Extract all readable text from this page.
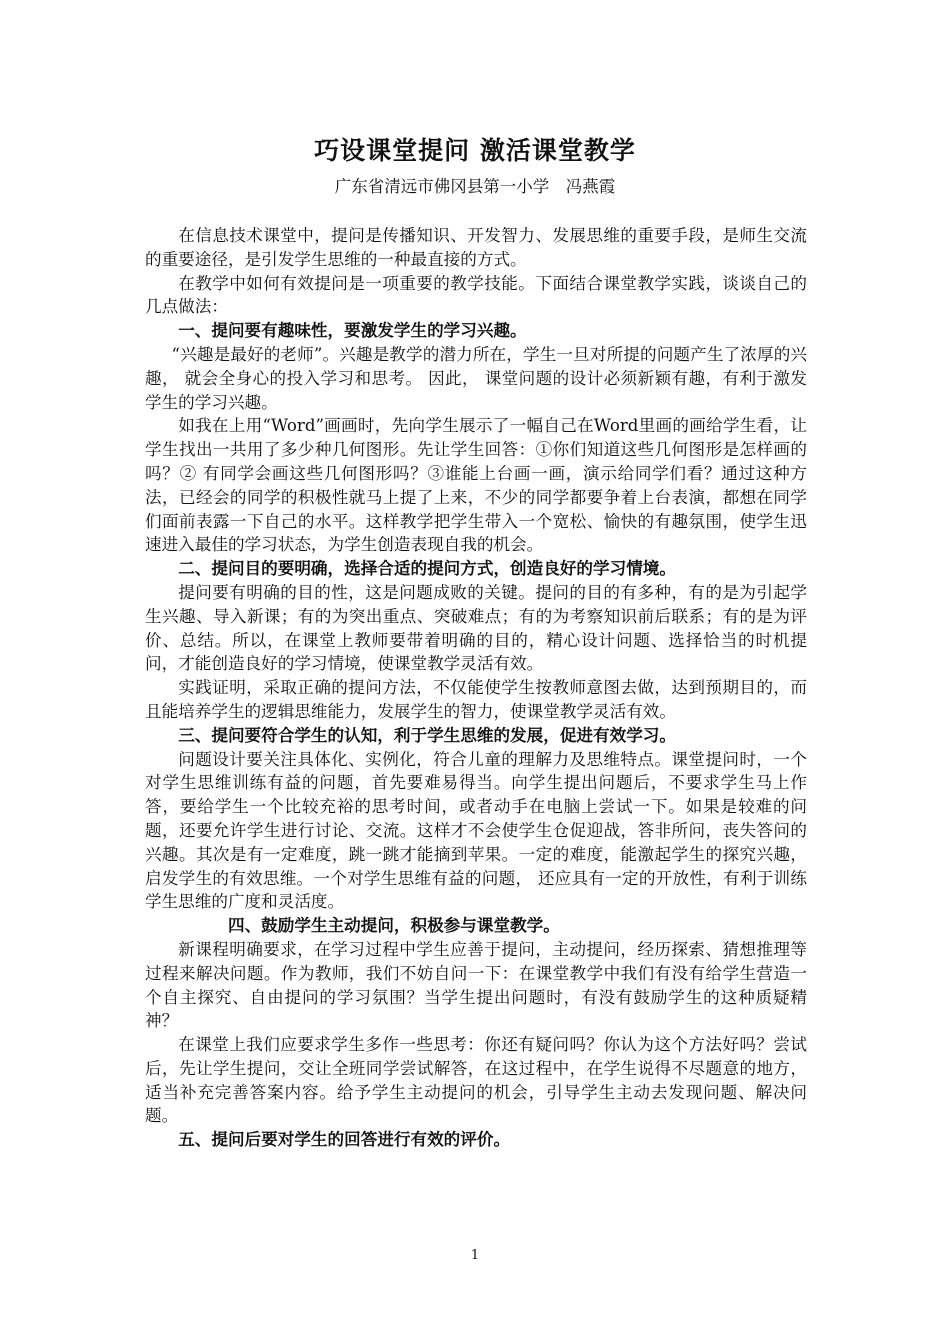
巧设课堂提问 激活课堂教学
广东省清远市佛冈县第一小学　冯燕霞

在信息技术课堂中，提问是传播知识、开发智力、发展思维的重要手段，是师生交流的重要途径，是引发学生思维的一种最直接的方式。

在教学中如何有效提问是一项重要的教学技能。下面结合课堂教学实践，谈谈自己的几点做法：

一、提问要有趣味性，要激发学生的学习兴趣。

“兴趣是最好的老师”。兴趣是教学的潜力所在，学生一旦对所提的问题产生了浓厚的兴趣， 就会全身心的投入学习和思考。 因此， 课堂问题的设计必须新颖有趣，有利于激发学生的学习兴趣。

如我在上用“Word”画画时，先向学生展示了一幅自己在Word里画的画给学生看，让学生找出一共用了多少种几何图形。先让学生回答：①你们知道这些几何图形是怎样画的吗？② 有同学会画这些几何图形吗？③谁能上台画一画，演示给同学们看？通过这种方法，已经会的同学的积极性就马上提了上来，不少的同学都要争着上台表演，都想在同学们面前表露一下自己的水平。这样教学把学生带入一个宽松、愉快的有趣氛围，使学生迅速进入最佳的学习状态，为学生创造表现自我的机会。

二、提问目的要明确，选择合适的提问方式，创造良好的学习情境。

提问要有明确的目的性，这是问题成败的关键。提问的目的有多种，有的是为引起学生兴趣、导入新课；有的为突出重点、突破难点；有的为考察知识前后联系；有的是为评价、总结。所以，在课堂上教师要带着明确的目的，精心设计问题、选择恰当的时机提问，才能创造良好的学习情境，使课堂教学灵活有效。

实践证明，采取正确的提问方法，不仅能使学生按教师意图去做，达到预期目的，而且能培养学生的逻辑思维能力，发展学生的智力，使课堂教学灵活有效。

三、提问要符合学生的认知，利于学生思维的发展，促进有效学习。

问题设计要关注具体化、实例化，符合儿童的理解力及思维特点。课堂提问时，一个对学生思维训练有益的问题，首先要难易得当。向学生提出问题后，不要求学生马上作答，要给学生一个比较充裕的思考时间，或者动手在电脑上尝试一下。如果是较难的问题，还要允许学生进行讨论、交流。这样才不会使学生仓促迎战，答非所问，丧失答问的兴趣。其次是有一定难度，跳一跳才能摘到苹果。一定的难度，能激起学生的探究兴趣，启发学生的有效思维。一个对学生思维有益的问题， 还应具有一定的开放性，有利于训练学生思维的广度和灵活度。

四、鼓励学生主动提问，积极参与课堂教学。

新课程明确要求，在学习过程中学生应善于提问，主动提问，经历探索、猜想推理等过程来解决问题。作为教师，我们不妨自问一下：在课堂教学中我们有没有给学生营造一个自主探究、自由提问的学习氛围？当学生提出问题时，有没有鼓励学生的这种质疑精神？

在课堂上我们应要求学生多作一些思考：你还有疑问吗？你认为这个方法好吗？尝试后，先让学生提问，交让全班同学尝试解答，在这过程中，在学生说得不尽题意的地方，适当补充完善答案内容。给予学生主动提问的机会，引导学生主动去发现问题、解决问题。

五、提问后要对学生的回答进行有效的评价。

1
